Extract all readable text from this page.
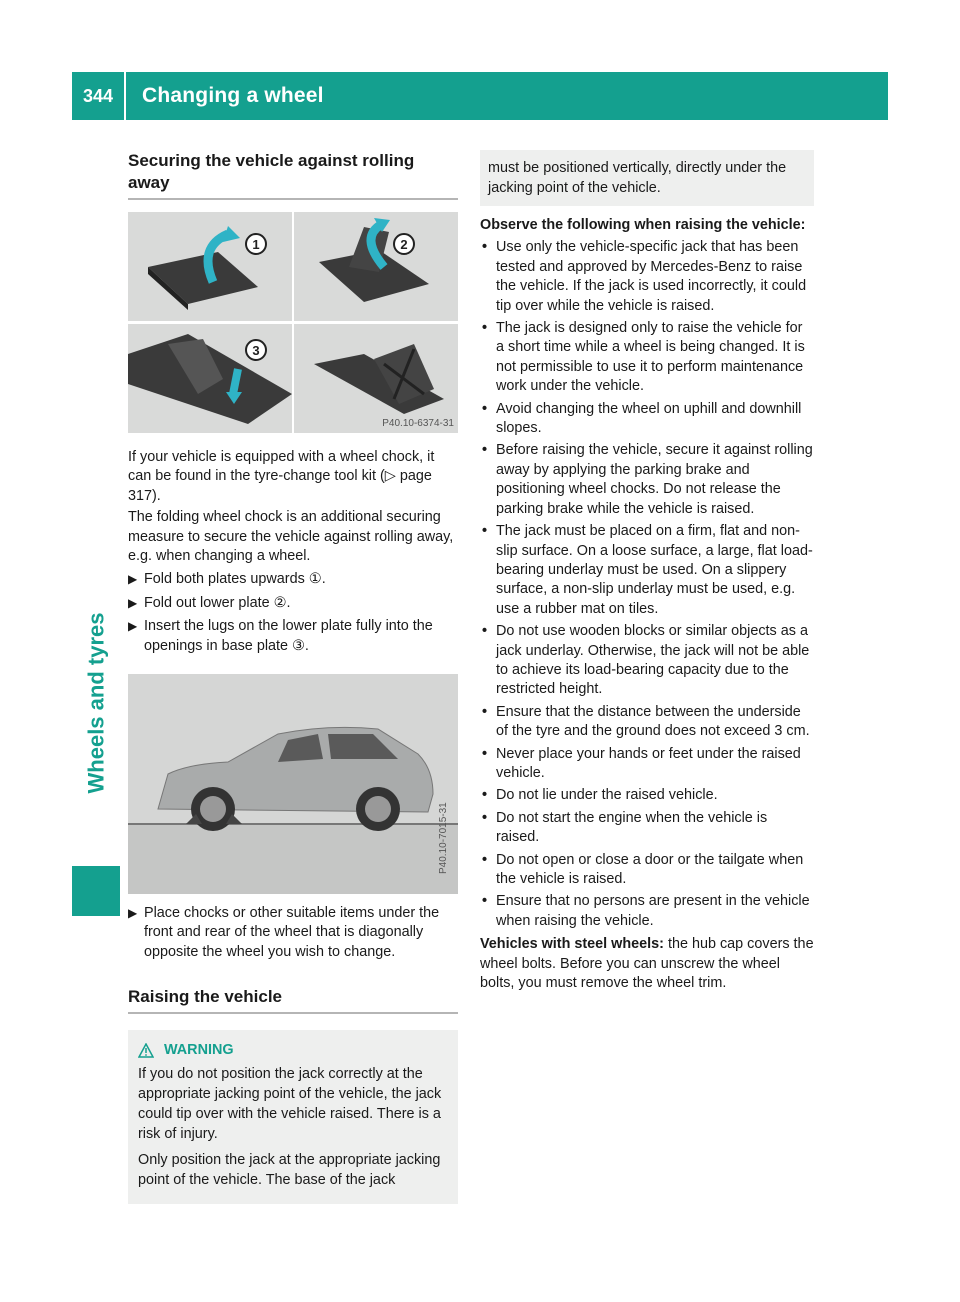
344	Changing a wheel
Wheels and tyres
Securing the vehicle against rolling away
1	2
3
P40.10-6374-31

If your vehicle is equipped with a wheel chock, it can be found in the tyre-change tool kit (▷ page 317).

The folding wheel chock is an additional securing measure to secure the vehicle against rolling away, e.g. when changing a wheel.

▶ Fold both plates upwards ①.
▶ Fold out lower plate ②.
▶ Insert the lugs on the lower plate fully into the openings in base plate ③.
P40.10-7015-31
▶ Place chocks or other suitable items under the front and rear of the wheel that is diagonally opposite the wheel you wish to change.
Raising the vehicle
WARNING

If you do not position the jack correctly at the appropriate jacking point of the vehicle, the jack could tip over with the vehicle raised. There is a risk of injury.

Only position the jack at the appropriate jacking point of the vehicle. The base of the jack

must be positioned vertically, directly under the jacking point of the vehicle.

Observe the following when raising the vehicle:

• Use only the vehicle-specific jack that has been tested and approved by Mercedes-Benz to raise the vehicle. If the jack is used incorrectly, it could tip over while the vehicle is raised.
• The jack is designed only to raise the vehicle for a short time while a wheel is being changed. It is not permissible to use it to perform maintenance work under the vehicle.
• Avoid changing the wheel on uphill and downhill slopes.
• Before raising the vehicle, secure it against rolling away by applying the parking brake and positioning wheel chocks. Do not release the parking brake while the vehicle is raised.
• The jack must be placed on a firm, flat and non-slip surface. On a loose surface, a large, flat load-bearing underlay must be used. On a slippery surface, a non-slip underlay must be used, e.g. use a rubber mat on tiles.
• Do not use wooden blocks or similar objects as a jack underlay. Otherwise, the jack will not be able to achieve its load-bearing capacity due to the restricted height.
• Ensure that the distance between the underside of the tyre and the ground does not exceed 3 cm.
• Never place your hands or feet under the raised vehicle.
• Do not lie under the raised vehicle.
• Do not start the engine when the vehicle is raised.
• Do not open or close a door or the tailgate when the vehicle is raised.
• Ensure that no persons are present in the vehicle when raising the vehicle.

Vehicles with steel wheels: the hub cap covers the wheel bolts. Before you can unscrew the wheel bolts, you must remove the wheel trim.
